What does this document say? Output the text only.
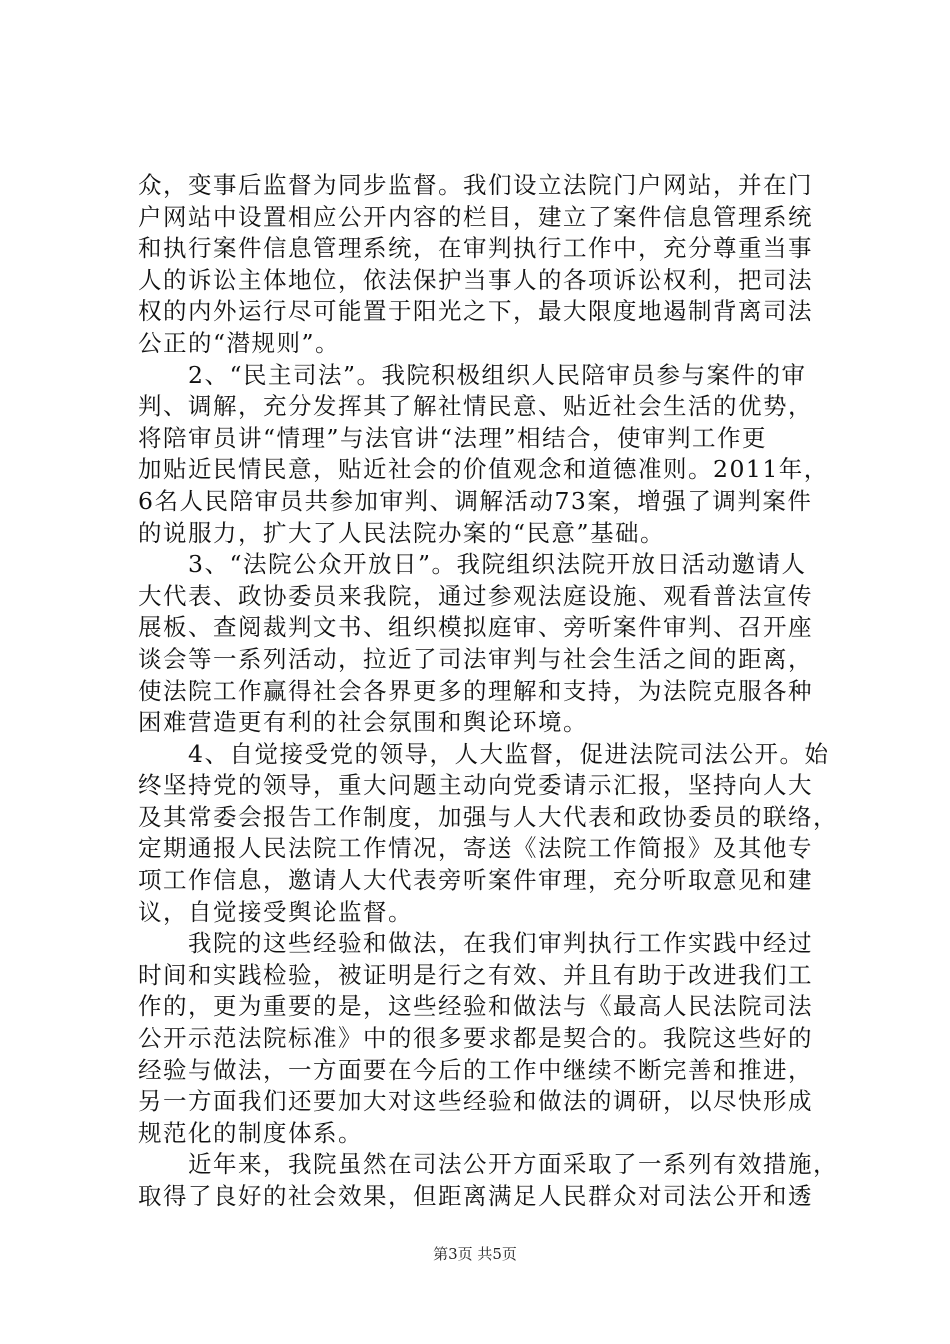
众，变事后监督为同步监督。我们设立法院门户网站，并在门
户网站中设置相应公开内容的栏目，建立了案件信息管理系统
和执行案件信息管理系统，在审判执行工作中，充分尊重当事
人的诉讼主体地位，依法保护当事人的各项诉讼权利，把司法
权的内外运行尽可能置于阳光之下，最大限度地遏制背离司法
公正的“潜规则”。
　　2、“民主司法”。我院积极组织人民陪审员参与案件的审
判、调解，充分发挥其了解社情民意、贴近社会生活的优势，
将陪审员讲“情理”与法官讲“法理”相结合，使审判工作更
加贴近民情民意，贴近社会的价值观念和道德准则。2011年，
6名人民陪审员共参加审判、调解活动73案，增强了调判案件
的说服力，扩大了人民法院办案的“民意”基础。
　　3、“法院公众开放日”。我院组织法院开放日活动邀请人
大代表、政协委员来我院，通过参观法庭设施、观看普法宣传
展板、查阅裁判文书、组织模拟庭审、旁听案件审判、召开座
谈会等一系列活动，拉近了司法审判与社会生活之间的距离，
使法院工作赢得社会各界更多的理解和支持，为法院克服各种
困难营造更有利的社会氛围和舆论环境。
　　4、自觉接受党的领导，人大监督，促进法院司法公开。始
终坚持党的领导，重大问题主动向党委请示汇报，坚持向人大
及其常委会报告工作制度，加强与人大代表和政协委员的联络，
定期通报人民法院工作情况，寄送《法院工作简报》及其他专
项工作信息，邀请人大代表旁听案件审理，充分听取意见和建
议，自觉接受舆论监督。
　　我院的这些经验和做法，在我们审判执行工作实践中经过
时间和实践检验，被证明是行之有效、并且有助于改进我们工
作的，更为重要的是，这些经验和做法与《最高人民法院司法
公开示范法院标准》中的很多要求都是契合的。我院这些好的
经验与做法，一方面要在今后的工作中继续不断完善和推进，
另一方面我们还要加大对这些经验和做法的调研，以尽快形成
规范化的制度体系。
　　近年来，我院虽然在司法公开方面采取了一系列有效措施，
取得了良好的社会效果，但距离满足人民群众对司法公开和透
第3页 共5页
